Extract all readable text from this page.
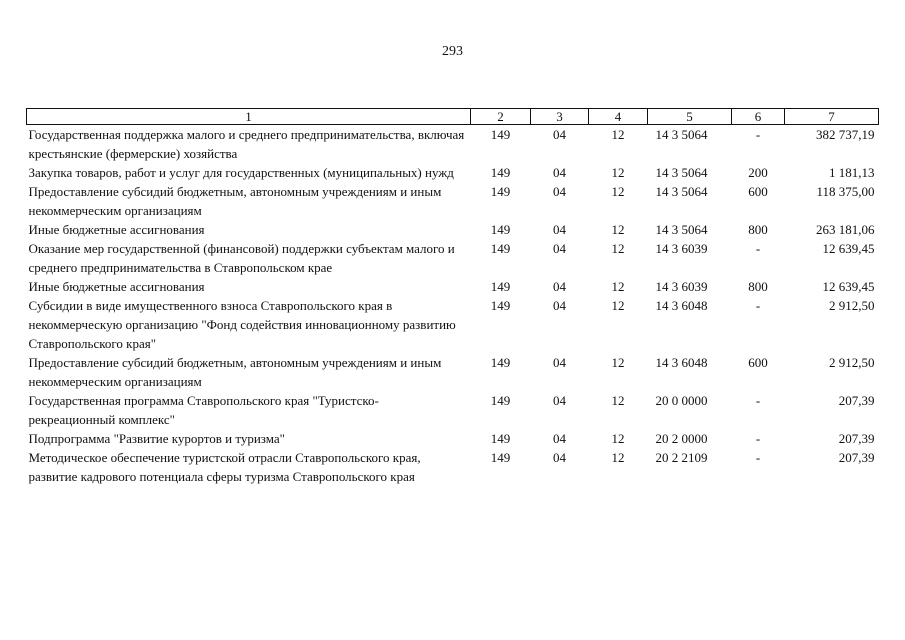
293
1	2	3	4	5	6	7
Государственная поддержка малого и среднего предпринимательства, включая крестьянские (фермерские) хозяйства	149	04	12	14 3 5064	-	382 737,19
Закупка товаров, работ и услуг для государственных (муниципальных) нужд	149	04	12	14 3 5064	200	1 181,13
Предоставление субсидий бюджетным, автономным учреждениям и иным некоммерческим организациям	149	04	12	14 3 5064	600	118 375,00
Иные бюджетные ассигнования	149	04	12	14 3 5064	800	263 181,06
Оказание мер государственной (финансовой) поддержки субъектам малого и среднего предпринимательства в Ставропольском крае	149	04	12	14 3 6039	-	12 639,45
Иные бюджетные ассигнования	149	04	12	14 3 6039	800	12 639,45
Субсидии в виде имущественного взноса Ставропольского края в некоммерческую организацию "Фонд содействия инновационному развитию Ставропольского края"	149	04	12	14 3 6048	-	2 912,50
Предоставление субсидий бюджетным, автономным учреждениям и иным некоммерческим организациям	149	04	12	14 3 6048	600	2 912,50
Государственная программа Ставропольского края "Туристско-рекреационный комплекс"	149	04	12	20 0 0000	-	207,39
Подпрограмма "Развитие курортов и туризма"	149	04	12	20 2 0000	-	207,39
Методическое обеспечение туристской отрасли Ставропольского края, развитие кадрового потенциала сферы туризма Ставропольского края	149	04	12	20 2 2109	-	207,39
